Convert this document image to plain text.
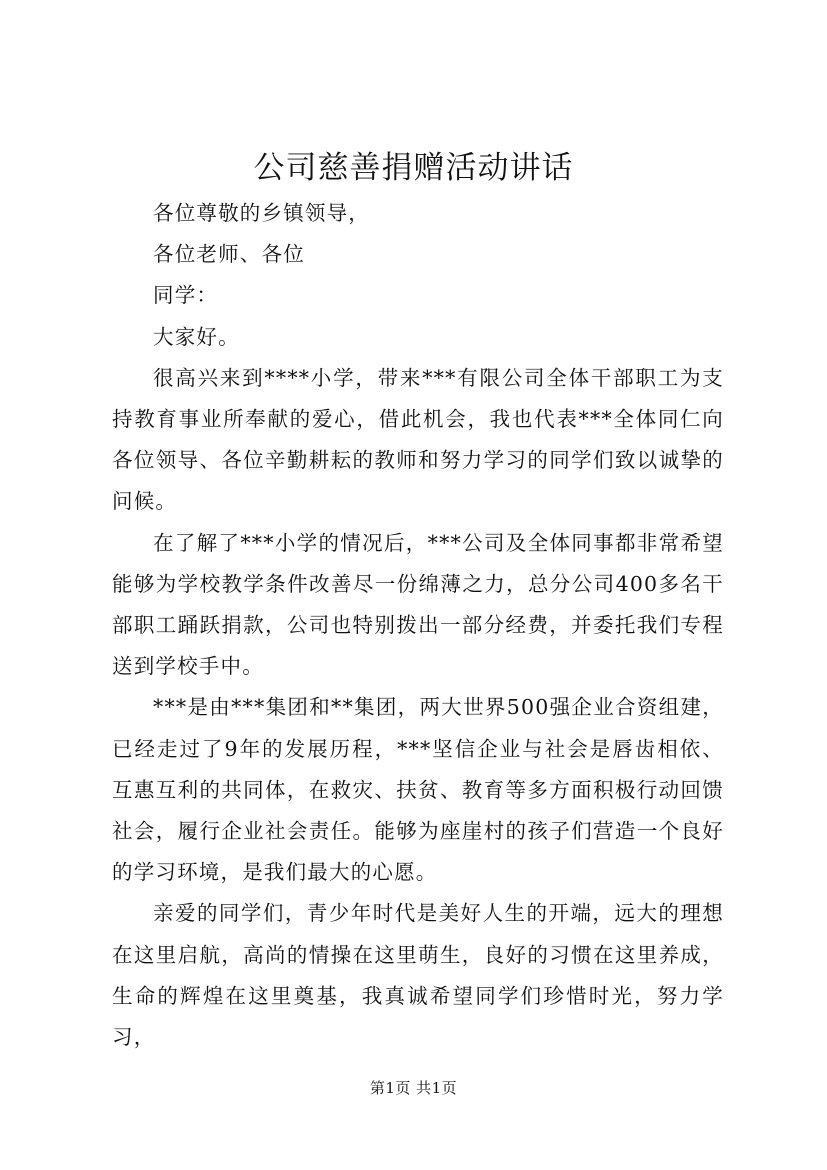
公司慈善捐赠活动讲话

各位尊敬的乡镇领导，

各位老师、各位

同学：

大家好。

很高兴来到****小学，带来***有限公司全体干部职工为支持教育事业所奉献的爱心，借此机会，我也代表***全体同仁向各位领导、各位辛勤耕耘的教师和努力学习的同学们致以诚挚的问候。

在了解了***小学的情况后，***公司及全体同事都非常希望能够为学校教学条件改善尽一份绵薄之力，总分公司400多名干部职工踊跃捐款，公司也特别拨出一部分经费，并委托我们专程送到学校手中。

***是由***集团和**集团，两大世界500强企业合资组建，已经走过了9年的发展历程，***坚信企业与社会是唇齿相依、互惠互利的共同体，在救灾、扶贫、教育等多方面积极行动回馈社会，履行企业社会责任。能够为座崖村的孩子们营造一个良好的学习环境，是我们最大的心愿。

亲爱的同学们，青少年时代是美好人生的开端，远大的理想在这里启航，高尚的情操在这里萌生，良好的习惯在这里养成，生命的辉煌在这里奠基，我真诚希望同学们珍惜时光，努力学习，

第1页 共1页
